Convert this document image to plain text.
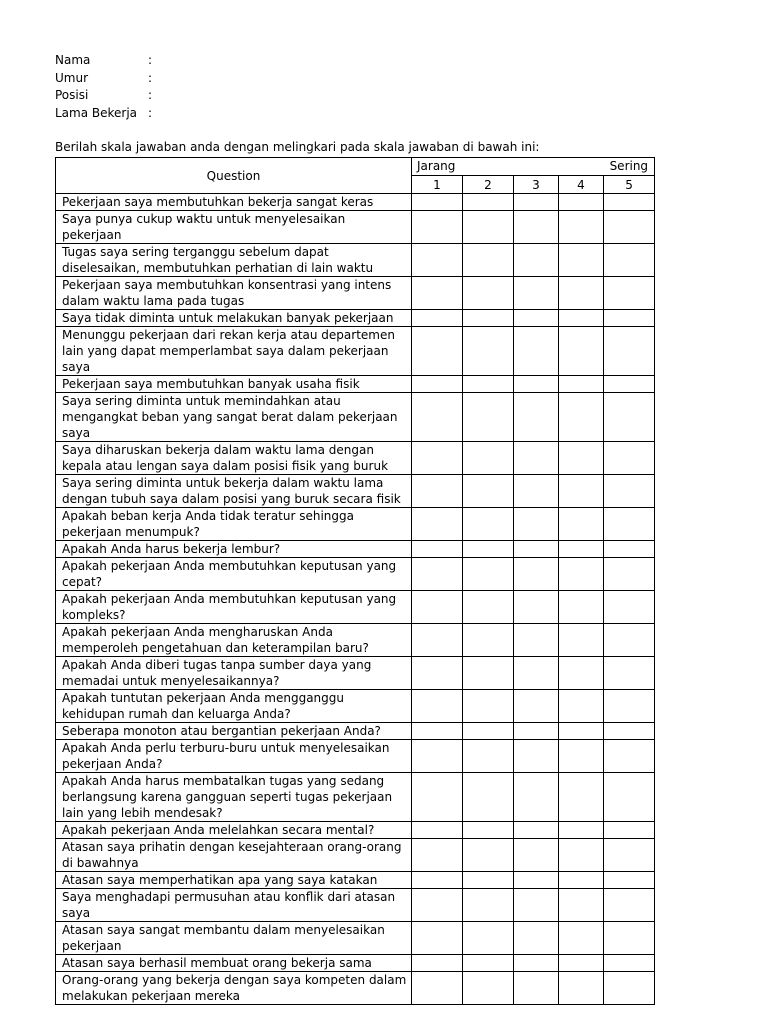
Nama	:
Umur	:
Posisi	:
Lama Bekerja :
Berilah skala jawaban anda dengan melingkari pada skala jawaban di bawah ini:
Question	Jarang Sering				

	1	2	3	4	5
Pekerjaan saya membutuhkan bekerja sangat keras					
Saya punya cukup waktu untuk menyelesaikan pekerjaan					
Tugas saya sering terganggu sebelum dapat diselesaikan, membutuhkan perhatian di lain waktu					
Pekerjaan saya membutuhkan konsentrasi yang intens dalam waktu lama pada tugas					
Saya tidak diminta untuk melakukan banyak pekerjaan					
Menunggu pekerjaan dari rekan kerja atau departemen lain yang dapat memperlambat saya dalam pekerjaan saya					
Pekerjaan saya membutuhkan banyak usaha fisik					
Saya sering diminta untuk memindahkan atau mengangkat beban yang sangat berat dalam pekerjaan saya					
Saya diharuskan bekerja dalam waktu lama dengan kepala atau lengan saya dalam posisi fisik yang buruk					
Saya sering diminta untuk bekerja dalam waktu lama dengan tubuh saya dalam posisi yang buruk secara fisik					
Apakah beban kerja Anda tidak teratur sehingga pekerjaan menumpuk?					
Apakah Anda harus bekerja lembur?					
Apakah pekerjaan Anda membutuhkan keputusan yang cepat?					
Apakah pekerjaan Anda membutuhkan keputusan yang kompleks?					
Apakah pekerjaan Anda mengharuskan Anda memperoleh pengetahuan dan keterampilan baru?					
Apakah Anda diberi tugas tanpa sumber daya yang memadai untuk menyelesaikannya?					
Apakah tuntutan pekerjaan Anda mengganggu kehidupan rumah dan keluarga Anda?					
Seberapa monoton atau bergantian pekerjaan Anda?					
Apakah Anda perlu terburu-buru untuk menyelesaikan pekerjaan Anda?					
Apakah Anda harus membatalkan tugas yang sedang berlangsung karena gangguan seperti tugas pekerjaan lain yang lebih mendesak?					
Apakah pekerjaan Anda melelahkan secara mental?					
Atasan saya prihatin dengan kesejahteraan orang-orang di bawahnya					
Atasan saya memperhatikan apa yang saya katakan					
Saya menghadapi permusuhan atau konflik dari atasan saya					
Atasan saya sangat membantu dalam menyelesaikan pekerjaan					
Atasan saya berhasil membuat orang bekerja sama					
Orang-orang yang bekerja dengan saya kompeten dalam melakukan pekerjaan mereka					
